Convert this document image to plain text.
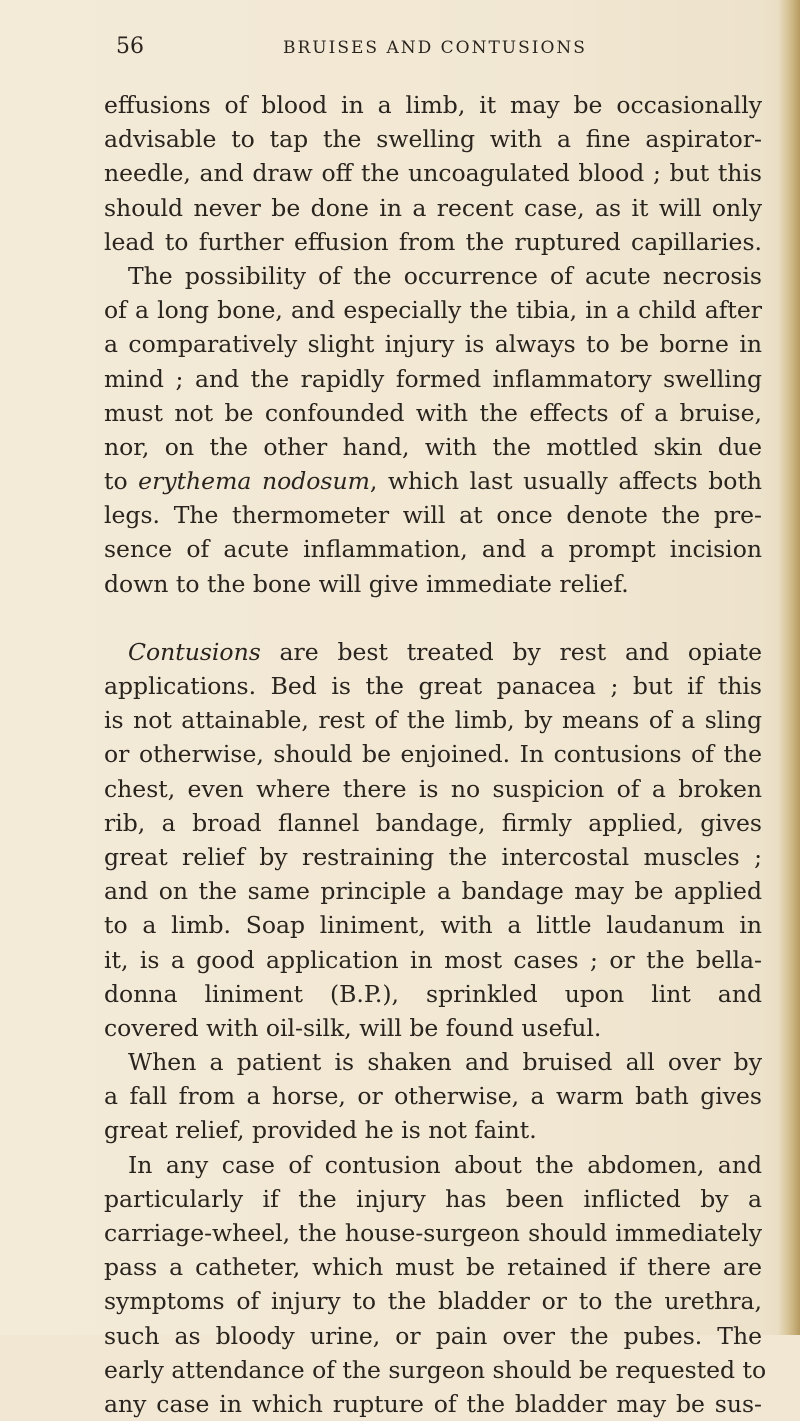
56	BRUISES AND CONTUSIONS
effusions of blood in a limb, it may be occasionally
advisable to tap the swelling with a fine aspirator-
needle, and draw off the uncoagulated blood ; but this
should never be done in a recent case, as it will only
lead to further effusion from the ruptured capillaries.
The possibility of the occurrence of acute necrosis
of a long bone, and especially the tibia, in a child after
a comparatively slight injury is always to be borne in
mind ; and the rapidly formed inflammatory swelling
must not be confounded with the effects of a bruise,
nor, on the other hand, with the mottled skin due
to erythema nodosum, which last usually affects both
legs. The thermometer will at once denote the pre-
sence of acute inflammation, and a prompt incision
down to the bone will give immediate relief.
Contusions are best treated by rest and opiate
applications. Bed is the great panacea ; but if this
is not attainable, rest of the limb, by means of a sling
or otherwise, should be enjoined. In contusions of the
chest, even where there is no suspicion of a broken
rib, a broad flannel bandage, firmly applied, gives
great relief by restraining the intercostal muscles ;
and on the same principle a bandage may be applied
to a limb. Soap liniment, with a little laudanum in
it, is a good application in most cases ; or the bella-
donna liniment (B.P.), sprinkled upon lint and
covered with oil-silk, will be found useful.
When a patient is shaken and bruised all over by
a fall from a horse, or otherwise, a warm bath gives
great relief, provided he is not faint.
In any case of contusion about the abdomen, and
particularly if the injury has been inflicted by a
carriage-wheel, the house-surgeon should immediately
pass a catheter, which must be retained if there are
symptoms of injury to the bladder or to the urethra,
such as bloody urine, or pain over the pubes. The
early attendance of the surgeon should be requested to
any case in which rupture of the bladder may be sus-
